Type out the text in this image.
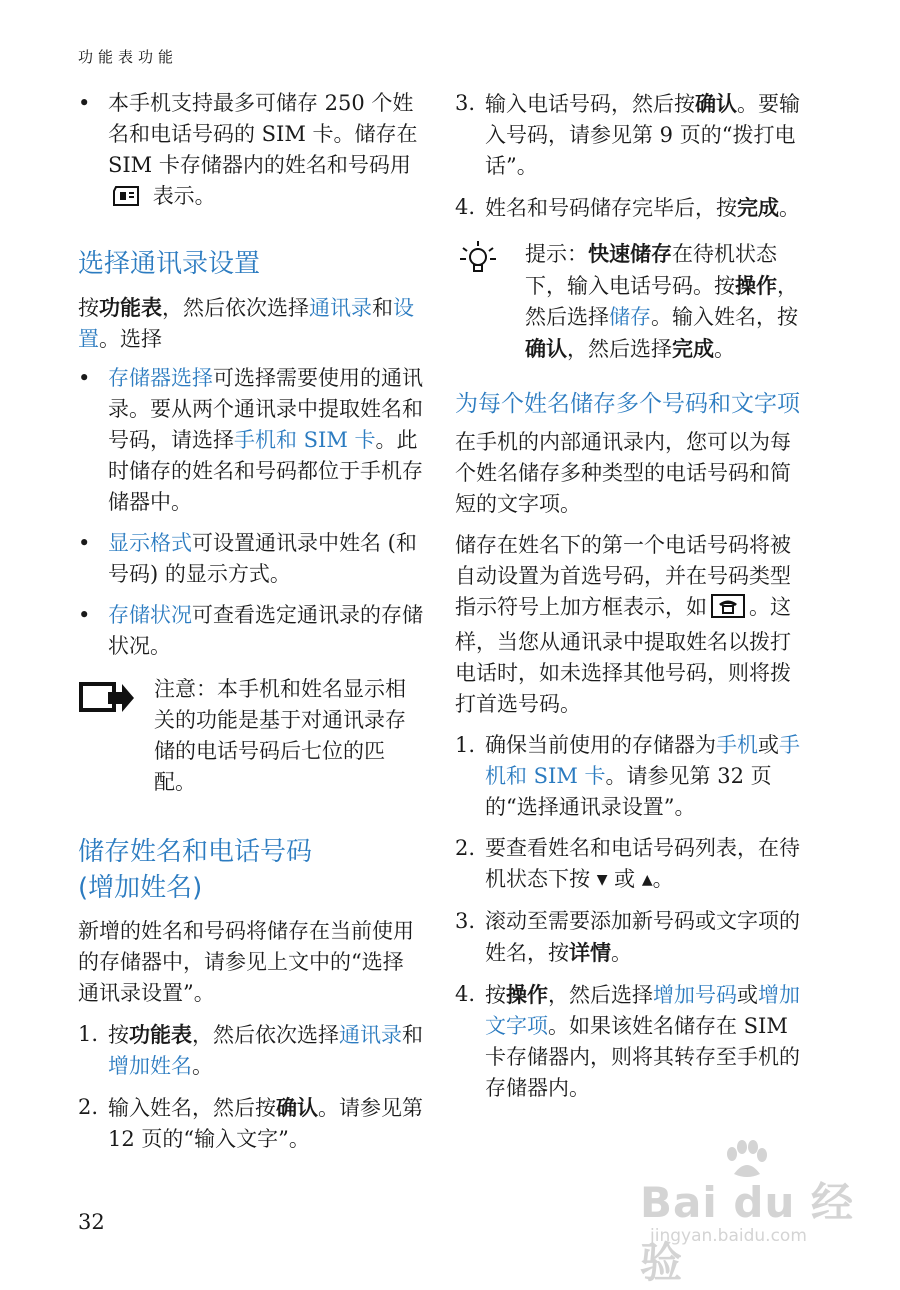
功能表功能
• 本手机支持最多可储存 250 个姓名和电话号码的 SIM 卡。储存在 SIM 卡存储器内的姓名和号码用  表示。
选择通讯录设置

按功能表，然后依次选择通讯录和设置。选择

• 存储器选择可选择需要使用的通讯录。要从两个通讯录中提取姓名和号码，请选择手机和 SIM 卡。此时储存的姓名和号码都位于手机存储器中。
• 显示格式可设置通讯录中姓名 (和号码) 的显示方式。
• 存储状况可查看选定通讯录的存储状况。

注意：本手机和姓名显示相关的功能是基于对通讯录存储的电话号码后七位的匹配。

储存姓名和电话号码
(增加姓名)

新增的姓名和号码将储存在当前使用的存储器中，请参见上文中的“选择通讯录设置”。

1. 按功能表，然后依次选择通讯录和增加姓名。
2. 输入姓名，然后按确认。请参见第 12 页的“输入文字”。
3. 输入电话号码，然后按确认。要输入号码，请参见第 9 页的“拨打电话”。
4. 姓名和号码储存完毕后，按完成。

提示：快速储存在待机状态下，输入电话号码。按操作，然后选择储存。输入姓名，按确认，然后选择完成。

为每个姓名储存多个号码和文字项

在手机的内部通讯录内，您可以为每个姓名储存多种类型的电话号码和简短的文字项。

储存在姓名下的第一个电话号码将被自动设置为首选号码，并在号码类型指示符号上加方框表示，如 。这样，当您从通讯录中提取姓名以拨打电话时，如未选择其他号码，则将拨打首选号码。

1. 确保当前使用的存储器为手机或手机和 SIM 卡。请参见第 32 页的“选择通讯录设置”。
2. 要查看姓名和电话号码列表，在待机状态下按 ▼ 或 ▲。
3. 滚动至需要添加新号码或文字项的姓名，按详情。
4. 按操作，然后选择增加号码或增加文字项。如果该姓名储存在 SIM 卡存储器内，则将其转存至手机的存储器内。
32	Bai du 经验
jingyan.baidu.com
